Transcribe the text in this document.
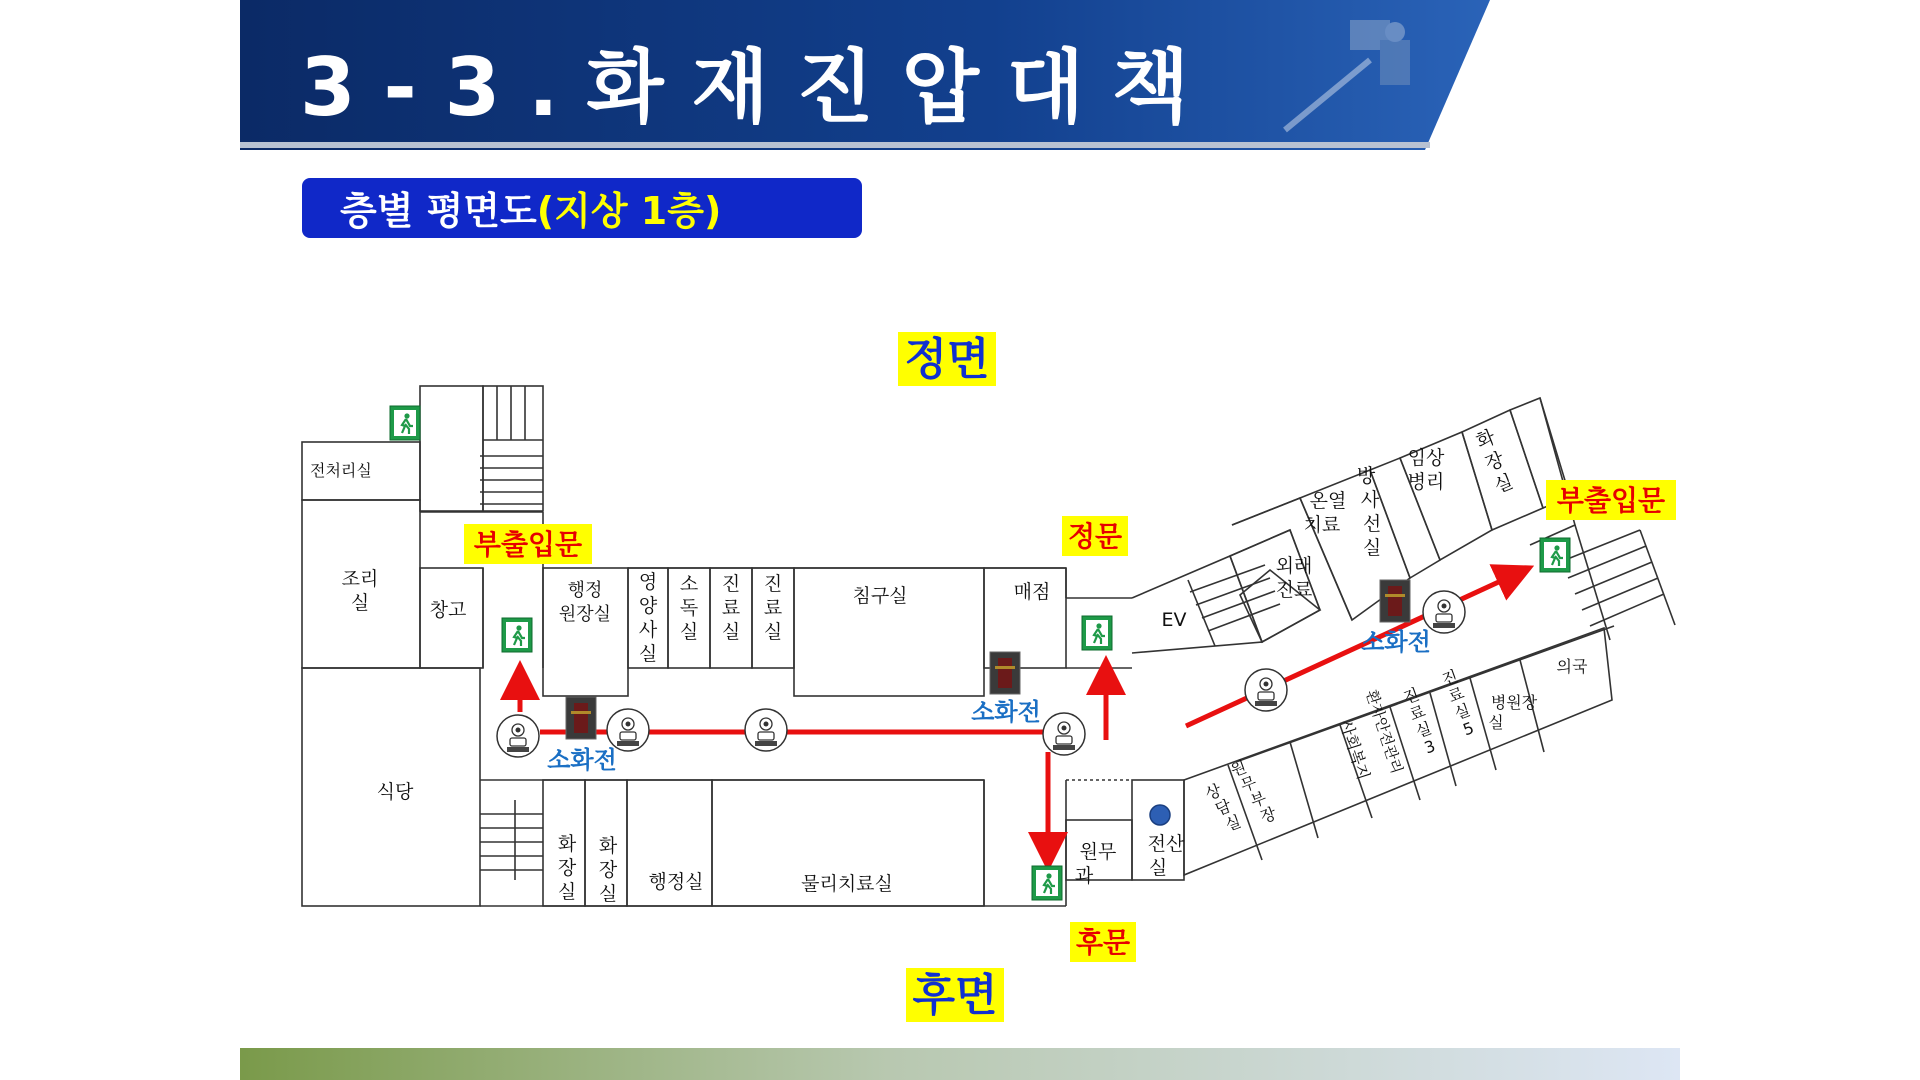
3 - 3 . 화 재 진 압 대 책
층별 평면도(지상 1층)
정면
후면
전처리실
조리 실	창고
식당
행정 원장실
영 양 사 실
소 독 실
진 료 실
진 료 실
침구실	매점
화 장 실
화 장 실
행정실	물리치료실
원무 과
전산 실
EV
외래 진료
온열 치료
방 사 선 실
임상 병리
화장실
의국
병원장 실
진료실5
진료실3
환자안전관리
사회복지
원무부장
상담실
소화전
소화전
소화전
부출입문
부출입문
정문
후문
